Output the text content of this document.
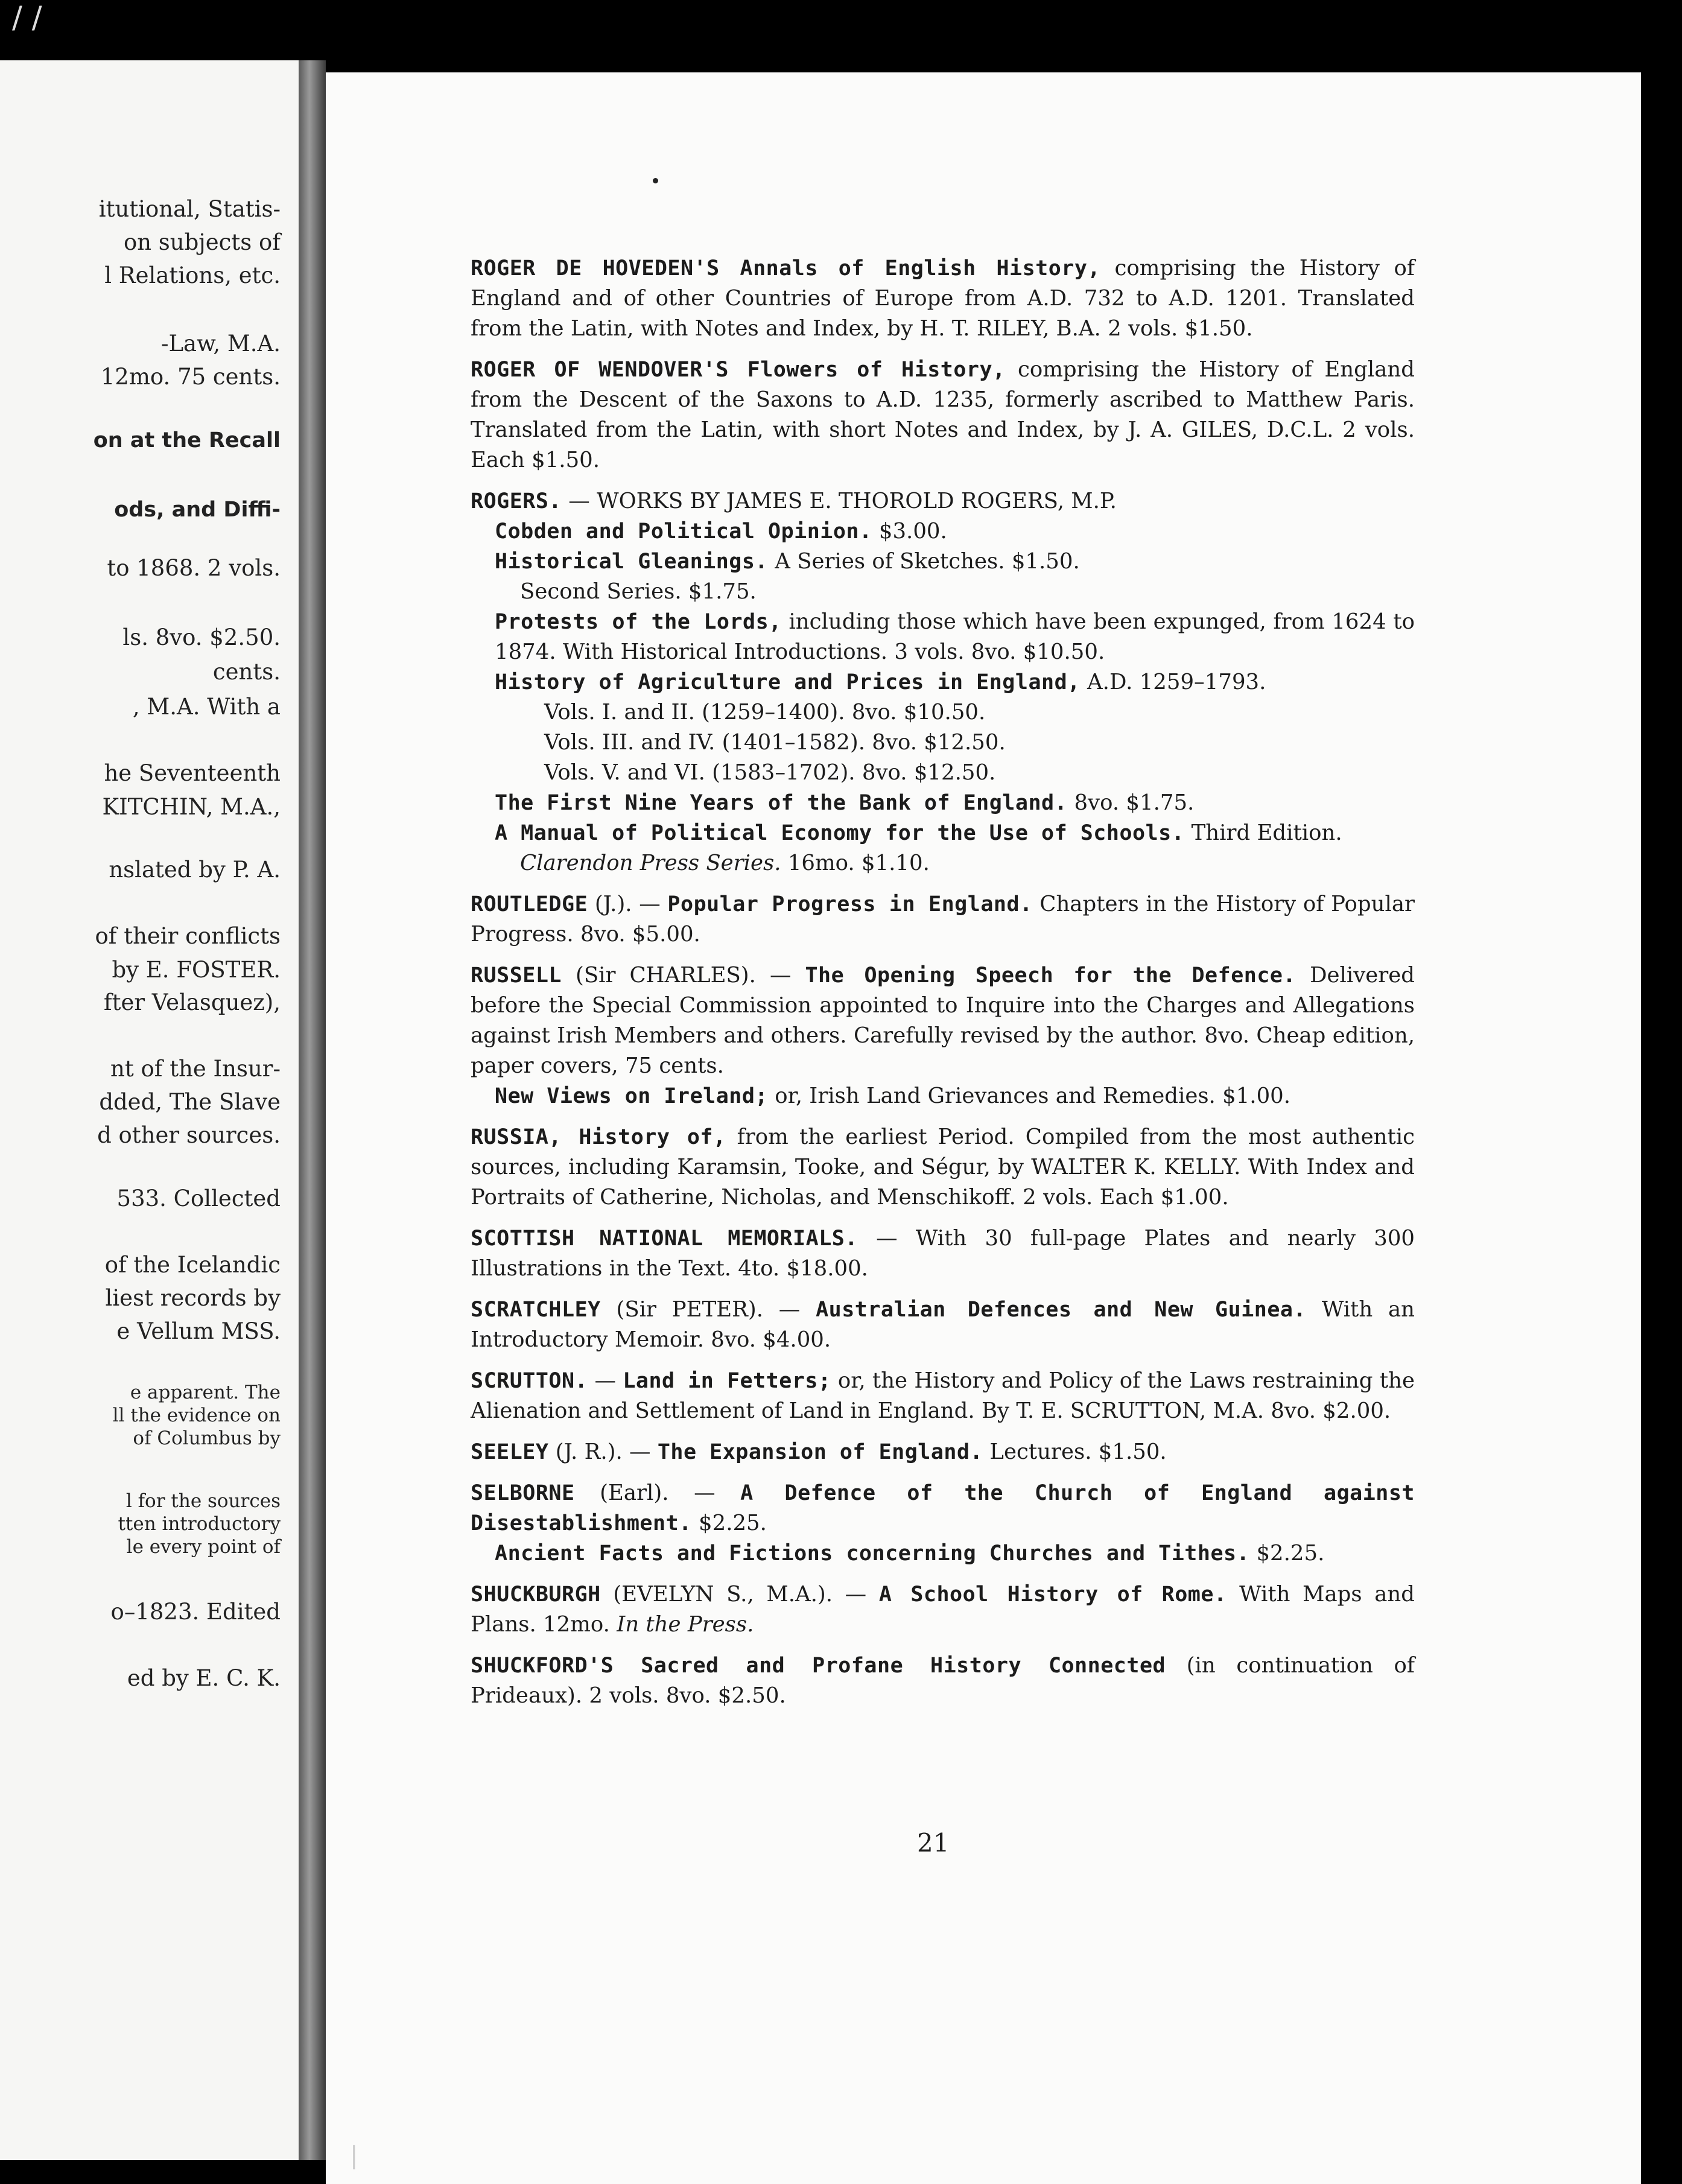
/ /
itutional, Statis-
on subjects of
l Relations, etc.
-Law, M.A.
12mo. 75 cents.
on at the Recall
ods, and Diffi-
to 1868. 2 vols.
ls. 8vo. $2.50.
cents.
, M.A. With a
he Seventeenth
KITCHIN, M.A.,
nslated by P. A.
of their conflicts
by E. FOSTER.
fter Velasquez),
nt of the Insur-
dded, The Slave
d other sources.
533. Collected
of the Icelandic
liest records by
e Vellum MSS.
e apparent. The
ll the evidence on
of Columbus by
l for the sources
tten introductory
le every point of
o–1823. Edited
ed by E. C. K.
ROGER DE HOVEDEN'S Annals of English History, comprising the History of England and of other Countries of Europe from A.D. 732 to A.D. 1201. Translated from the Latin, with Notes and Index, by H. T. RILEY, B.A. 2 vols. $1.50.
ROGER OF WENDOVER'S Flowers of History, comprising the History of England from the Descent of the Saxons to A.D. 1235, formerly ascribed to Matthew Paris. Translated from the Latin, with short Notes and Index, by J. A. GILES, D.C.L. 2 vols. Each $1.50.
ROGERS. — WORKS BY JAMES E. THOROLD ROGERS, M.P.
Cobden and Political Opinion. $3.00.
Historical Gleanings. A Series of Sketches. $1.50.
Second Series. $1.75.
Protests of the Lords, including those which have been expunged, from 1624 to 1874. With Historical Introductions. 3 vols. 8vo. $10.50.
History of Agriculture and Prices in England, A.D. 1259–1793.
Vols. I. and II. (1259–1400). 8vo. $10.50.
Vols. III. and IV. (1401–1582). 8vo. $12.50.
Vols. V. and VI. (1583–1702). 8vo. $12.50.
The First Nine Years of the Bank of England. 8vo. $1.75.
A Manual of Political Economy for the Use of Schools. Third Edition.
Clarendon Press Series. 16mo. $1.10.
ROUTLEDGE (J.). — Popular Progress in England. Chapters in the History of Popular Progress. 8vo. $5.00.
RUSSELL (Sir CHARLES). — The Opening Speech for the Defence. Delivered before the Special Commission appointed to Inquire into the Charges and Allegations against Irish Members and others. Carefully revised by the author. 8vo. Cheap edition, paper covers, 75 cents.
New Views on Ireland; or, Irish Land Grievances and Remedies. $1.00.
RUSSIA, History of, from the earliest Period. Compiled from the most authentic sources, including Karamsin, Tooke, and Ségur, by WALTER K. KELLY. With Index and Portraits of Catherine, Nicholas, and Menschikoff. 2 vols. Each $1.00.
SCOTTISH NATIONAL MEMORIALS. — With 30 full-page Plates and nearly 300 Illustrations in the Text. 4to. $18.00.
SCRATCHLEY (Sir PETER). — Australian Defences and New Guinea. With an Introductory Memoir. 8vo. $4.00.
SCRUTTON. — Land in Fetters; or, the History and Policy of the Laws restraining the Alienation and Settlement of Land in England. By T. E. SCRUTTON, M.A. 8vo. $2.00.
SEELEY (J. R.). — The Expansion of England. Lectures. $1.50.
SELBORNE (Earl). — A Defence of the Church of England against Disestablishment. $2.25.
Ancient Facts and Fictions concerning Churches and Tithes. $2.25.
SHUCKBURGH (EVELYN S., M.A.). — A School History of Rome. With Maps and Plans. 12mo. In the Press.
SHUCKFORD'S Sacred and Profane History Connected (in continuation of Prideaux). 2 vols. 8vo. $2.50.
21
|
